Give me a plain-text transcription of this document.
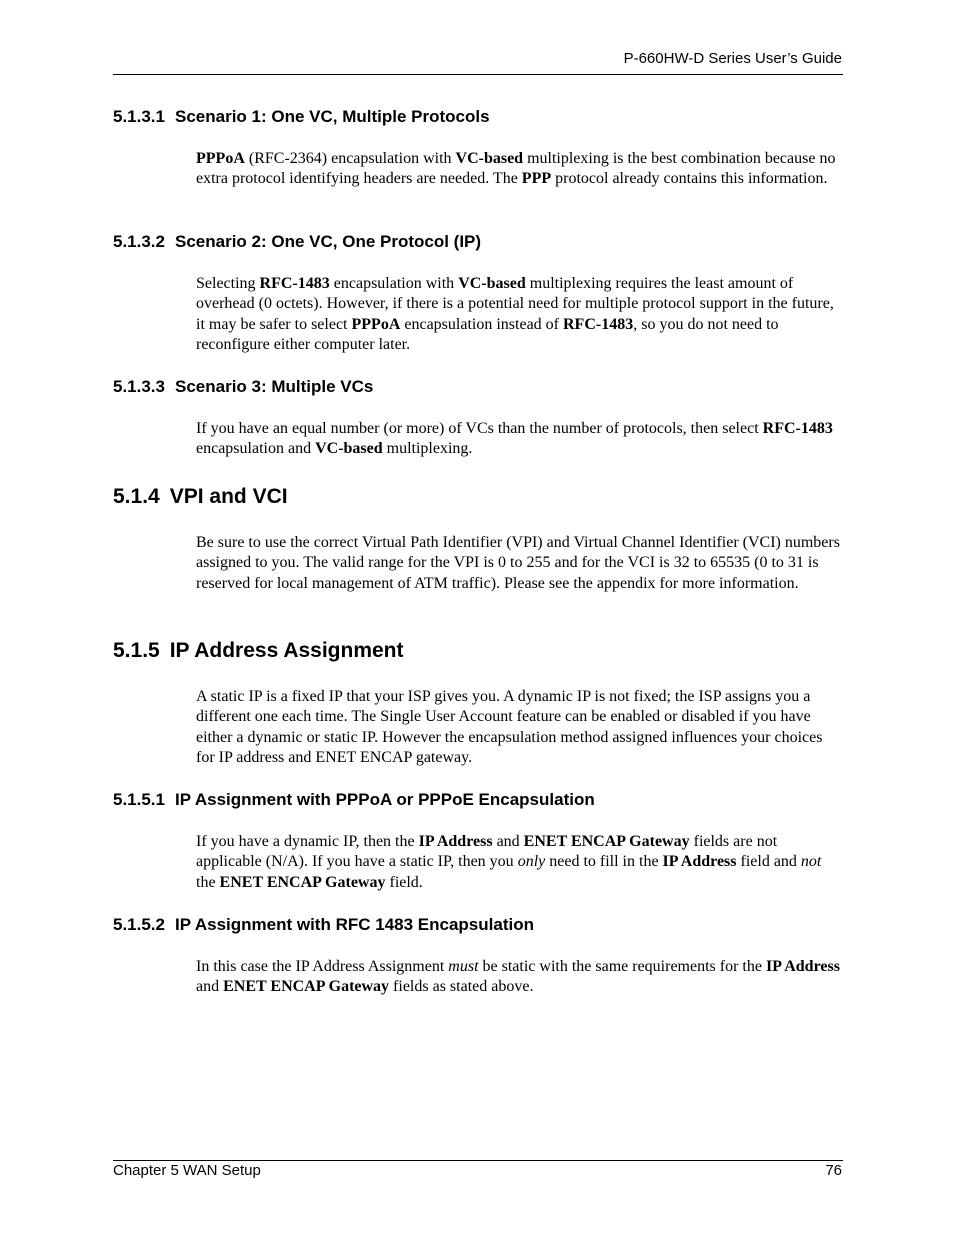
P-660HW-D Series User’s Guide
5.1.3.1 Scenario 1: One VC, Multiple Protocols
PPPoA (RFC-2364) encapsulation with VC-based multiplexing is the best combination because no extra protocol identifying headers are needed. The PPP protocol already contains this information.
5.1.3.2 Scenario 2: One VC, One Protocol (IP)
Selecting RFC-1483 encapsulation with VC-based multiplexing requires the least amount of overhead (0 octets). However, if there is a potential need for multiple protocol support in the future, it may be safer to select PPPoA encapsulation instead of RFC-1483, so you do not need to reconfigure either computer later.
5.1.3.3 Scenario 3: Multiple VCs
If you have an equal number (or more) of VCs than the number of protocols, then select RFC-1483 encapsulation and VC-based multiplexing.
5.1.4 VPI and VCI
Be sure to use the correct Virtual Path Identifier (VPI) and Virtual Channel Identifier (VCI) numbers assigned to you. The valid range for the VPI is 0 to 255 and for the VCI is 32 to 65535 (0 to 31 is reserved for local management of ATM traffic). Please see the appendix for more information.
5.1.5 IP Address Assignment
A static IP is a fixed IP that your ISP gives you. A dynamic IP is not fixed; the ISP assigns you a different one each time. The Single User Account feature can be enabled or disabled if you have either a dynamic or static IP. However the encapsulation method assigned influences your choices for IP address and ENET ENCAP gateway.
5.1.5.1 IP Assignment with PPPoA or PPPoE Encapsulation
If you have a dynamic IP, then the IP Address and ENET ENCAP Gateway fields are not applicable (N/A). If you have a static IP, then you only need to fill in the IP Address field and not the ENET ENCAP Gateway field.
5.1.5.2 IP Assignment with RFC 1483 Encapsulation
In this case the IP Address Assignment must be static with the same requirements for the IP Address and ENET ENCAP Gateway fields as stated above.
Chapter 5 WAN Setup	76
